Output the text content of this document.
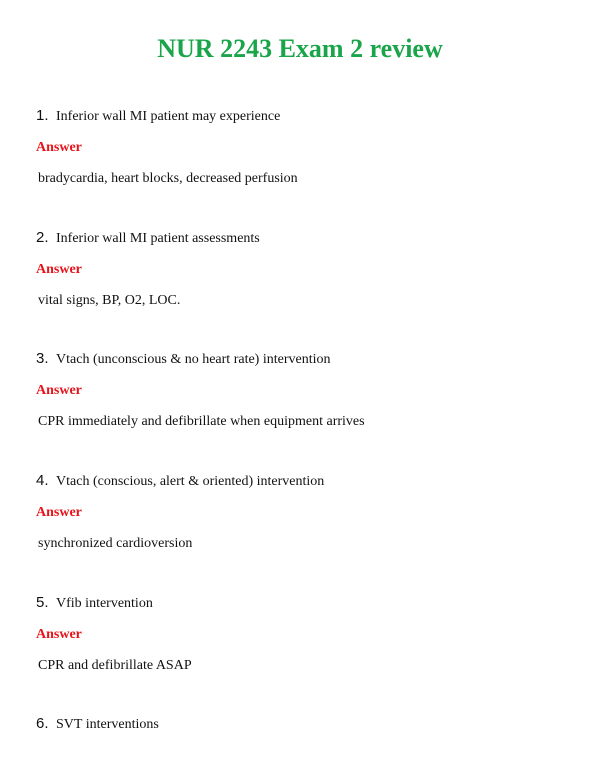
NUR 2243 Exam 2 review
1. Inferior wall MI patient may experience
Answer
bradycardia, heart blocks, decreased perfusion
2. Inferior wall MI patient assessments
Answer
vital signs, BP, O2, LOC.
3. Vtach (unconscious & no heart rate) intervention
Answer
CPR immediately and defibrillate when equipment arrives
4. Vtach (conscious, alert & oriented) intervention
Answer
synchronized cardioversion
5. Vfib intervention
Answer
CPR and defibrillate ASAP
6. SVT interventions
